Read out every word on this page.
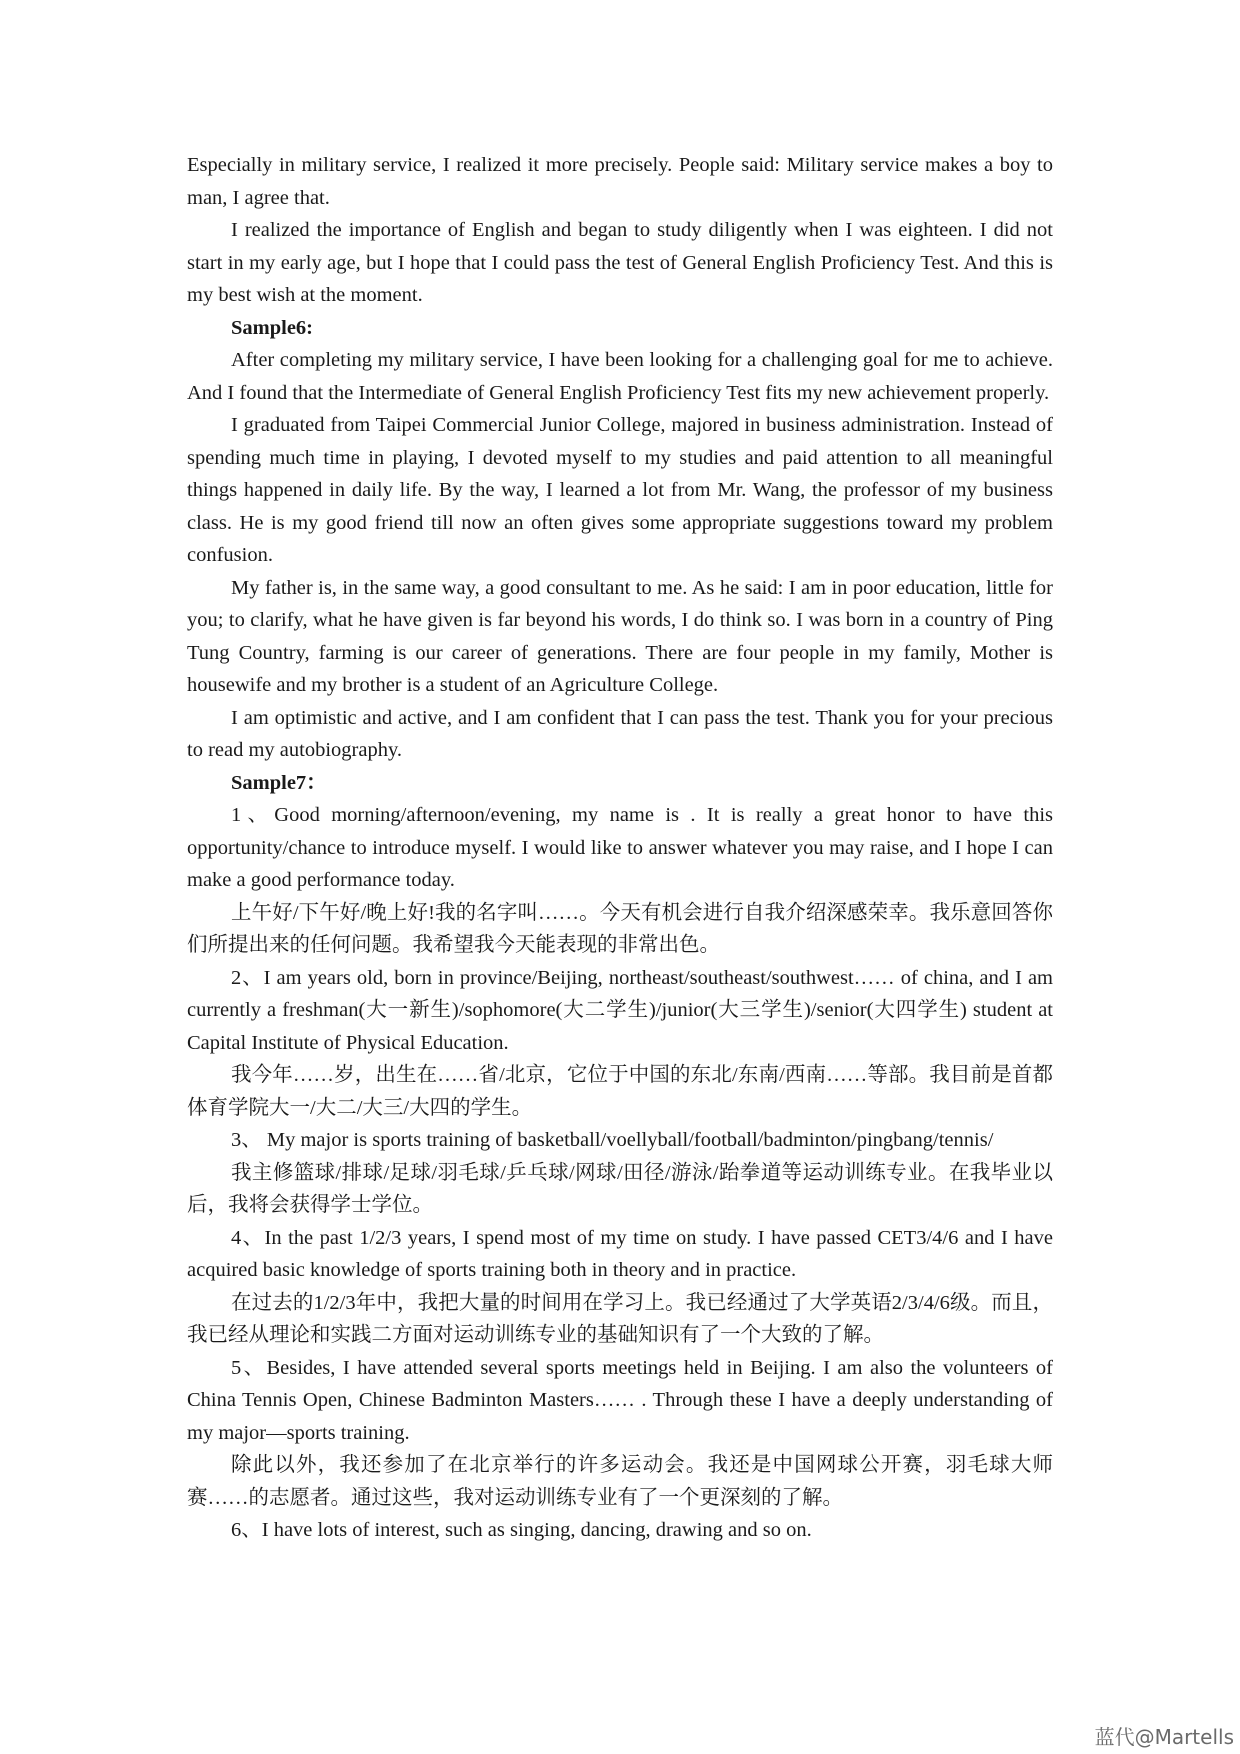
Especially in military service, I realized it more precisely. People said: Military service makes a boy to man, I agree that.

I realized the importance of English and began to study diligently when I was eighteen. I did not start in my early age, but I hope that I could pass the test of General English Proficiency Test. And this is my best wish at the moment.

Sample6:

After completing my military service, I have been looking for a challenging goal for me to achieve. And I found that the Intermediate of General English Proficiency Test fits my new achievement properly.

I graduated from Taipei Commercial Junior College, majored in business administration. Instead of spending much time in playing, I devoted myself to my studies and paid attention to all meaningful things happened in daily life. By the way, I learned a lot from Mr. Wang, the professor of my business class. He is my good friend till now an often gives some appropriate suggestions toward my problem confusion.

My father is, in the same way, a good consultant to me. As he said: I am in poor education, little for you; to clarify, what he have given is far beyond his words, I do think so. I was born in a country of Ping Tung Country, farming is our career of generations. There are four people in my family, Mother is housewife and my brother is a student of an Agriculture College.

I am optimistic and active, and I am confident that I can pass the test. Thank you for your precious to read my autobiography.

Sample7：

1、Good morning/afternoon/evening, my name is . It is really a great honor to have this opportunity/chance to introduce myself. I would like to answer whatever you may raise, and I hope I can make a good performance today.

上午好/下午好/晚上好!我的名字叫……。今天有机会进行自我介绍深感荣幸。我乐意回答你们所提出来的任何问题。我希望我今天能表现的非常出色。

2、I am years old, born in province/Beijing, northeast/southeast/southwest…… of china, and I am currently a freshman(大一新生)/sophomore(大二学生)/junior(大三学生)/senior(大四学生) student at Capital Institute of Physical Education.

我今年……岁，出生在……省/北京，它位于中国的东北/东南/西南……等部。我目前是首都体育学院大一/大二/大三/大四的学生。

3、 My major is sports training of basketball/voellyball/football/badminton/pingbang/tennis/

我主修篮球/排球/足球/羽毛球/乒乓球/网球/田径/游泳/跆拳道等运动训练专业。在我毕业以后，我将会获得学士学位。

4、In the past 1/2/3 years, I spend most of my time on study. I have passed CET3/4/6 and I have acquired basic knowledge of sports training both in theory and in practice.

在过去的1/2/3年中，我把大量的时间用在学习上。我已经通过了大学英语2/3/4/6级。而且，我已经从理论和实践二方面对运动训练专业的基础知识有了一个大致的了解。

5、Besides, I have attended several sports meetings held in Beijing. I am also the volunteers of China Tennis Open, Chinese Badminton Masters…… . Through these I have a deeply understanding of my major—sports training.

除此以外，我还参加了在北京举行的许多运动会。我还是中国网球公开赛，羽毛球大师赛……的志愿者。通过这些，我对运动训练专业有了一个更深刻的了解。

6、I have lots of interest, such as singing, dancing, drawing and so on.

蓝代@Martells
